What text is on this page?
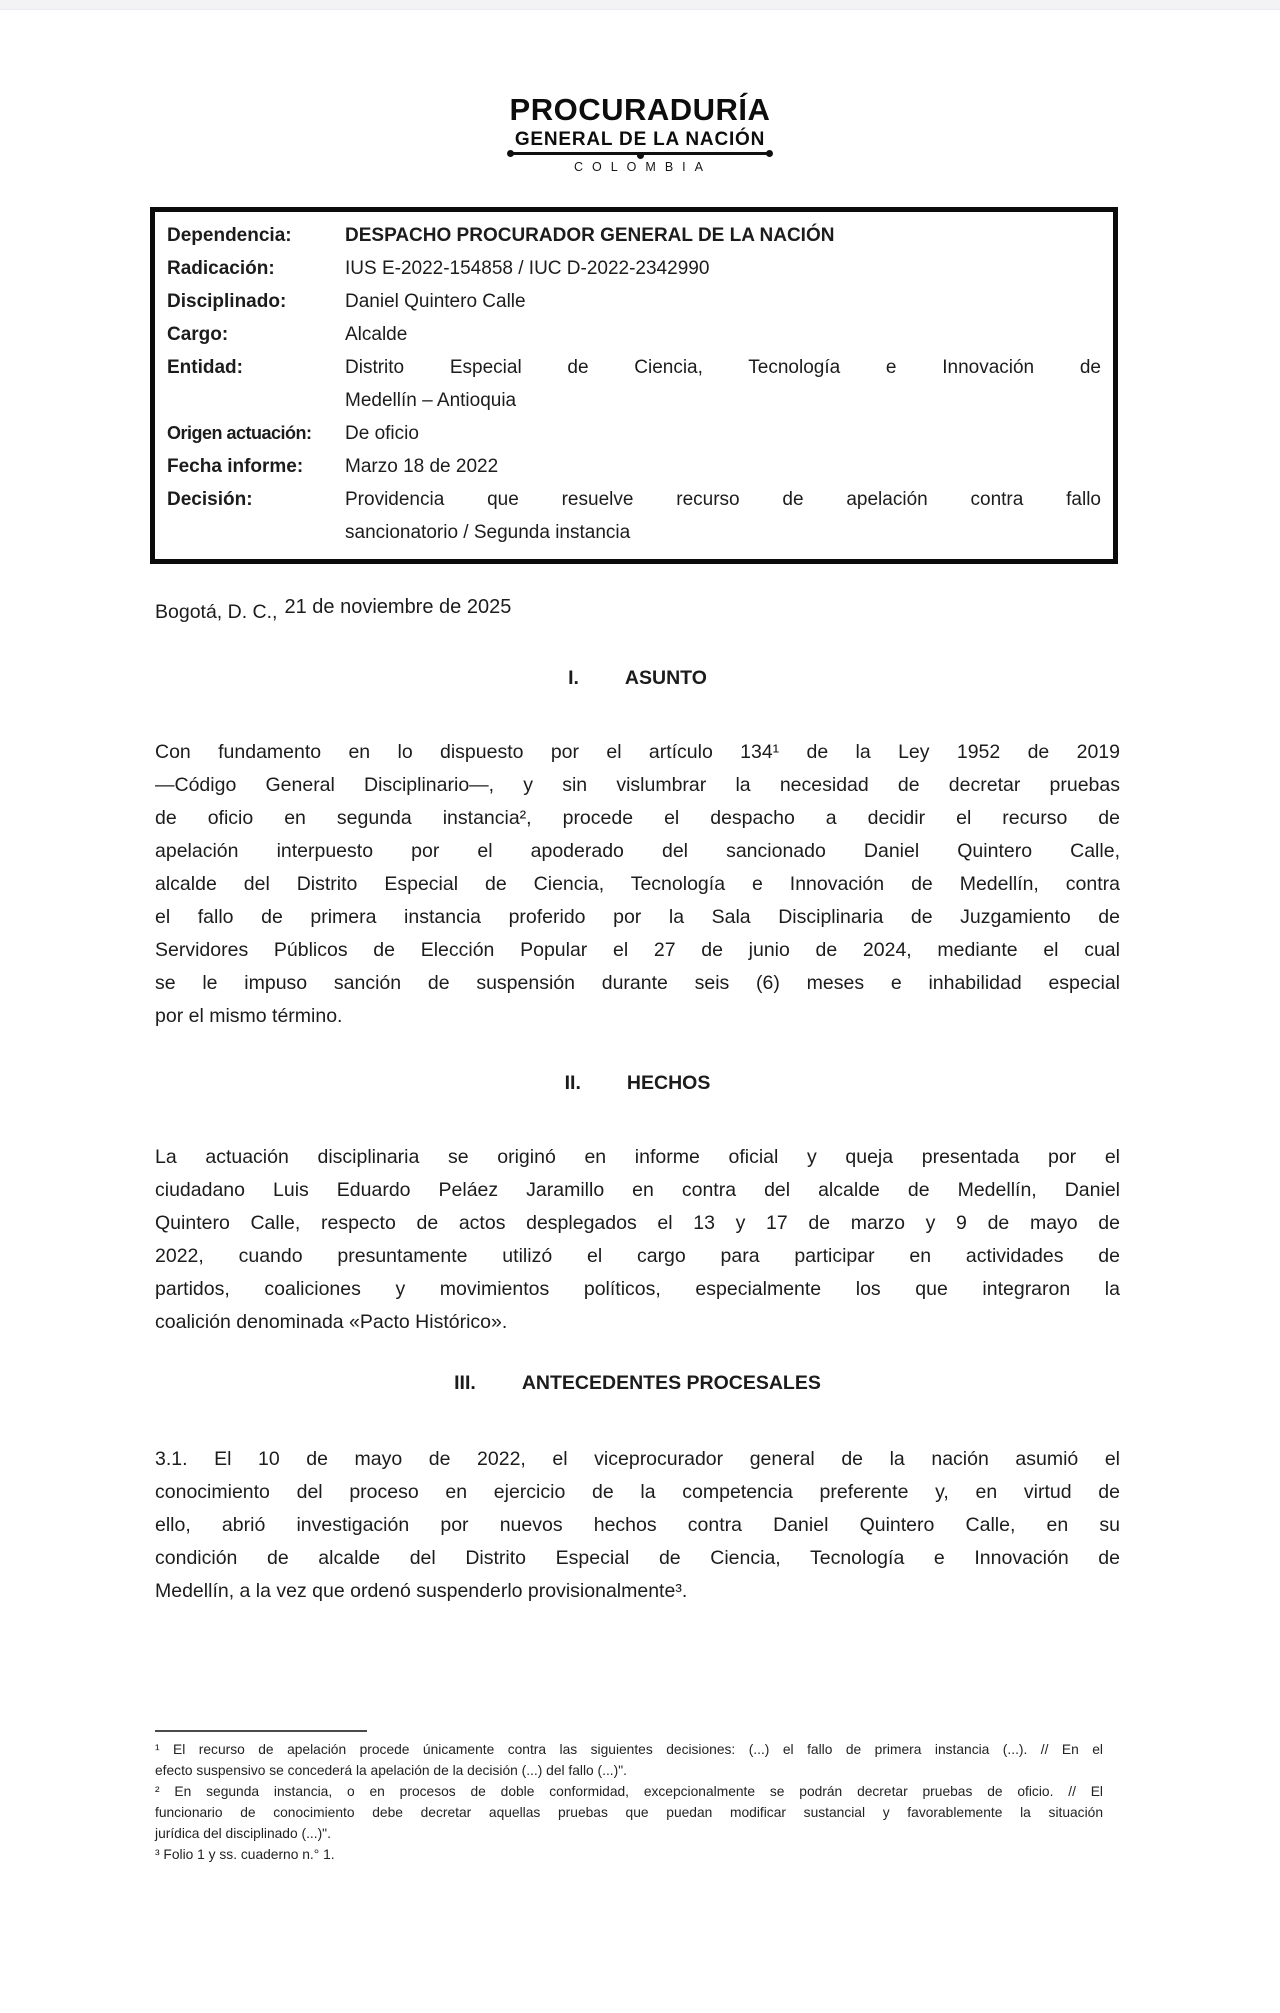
PROCURADURÍA
GENERAL DE LA NACIÓN
COLOMBIA
Dependencia:	DESPACHO PROCURADOR GENERAL DE LA NACIÓN
Radicación:	IUS E-2022-154858 / IUC D-2022-2342990
Disciplinado:	Daniel Quintero Calle
Cargo:	Alcalde
Entidad:	Distrito Especial de Ciencia, Tecnología e Innovación de
Medellín – Antioquia
Origen actuación:	De oficio
Fecha informe:	Marzo 18 de 2022
Decisión:	Providencia que resuelve recurso de apelación contra fallo
sancionatorio / Segunda instancia
Bogotá, D. C., 21 de noviembre de 2025
I. ASUNTO
Con fundamento en lo dispuesto por el artículo 134¹ de la Ley 1952 de 2019
—Código General Disciplinario—, y sin vislumbrar la necesidad de decretar pruebas
de oficio en segunda instancia², procede el despacho a decidir el recurso de
apelación interpuesto por el apoderado del sancionado Daniel Quintero Calle,
alcalde del Distrito Especial de Ciencia, Tecnología e Innovación de Medellín, contra
el fallo de primera instancia proferido por la Sala Disciplinaria de Juzgamiento de
Servidores Públicos de Elección Popular el 27 de junio de 2024, mediante el cual
se le impuso sanción de suspensión durante seis (6) meses e inhabilidad especial
por el mismo término.
II. HECHOS
La actuación disciplinaria se originó en informe oficial y queja presentada por el
ciudadano Luis Eduardo Peláez Jaramillo en contra del alcalde de Medellín, Daniel
Quintero Calle, respecto de actos desplegados el 13 y 17 de marzo y 9 de mayo de
2022, cuando presuntamente utilizó el cargo para participar en actividades de
partidos, coaliciones y movimientos políticos, especialmente los que integraron la
coalición denominada «Pacto Histórico».
III. ANTECEDENTES PROCESALES
3.1. El 10 de mayo de 2022, el viceprocurador general de la nación asumió el
conocimiento del proceso en ejercicio de la competencia preferente y, en virtud de
ello, abrió investigación por nuevos hechos contra Daniel Quintero Calle, en su
condición de alcalde del Distrito Especial de Ciencia, Tecnología e Innovación de
Medellín, a la vez que ordenó suspenderlo provisionalmente³.
¹ El recurso de apelación procede únicamente contra las siguientes decisiones: (...) el fallo de primera instancia (...). // En el
efecto suspensivo se concederá la apelación de la decisión (...) del fallo (...)".
² En segunda instancia, o en procesos de doble conformidad, excepcionalmente se podrán decretar pruebas de oficio. // El
funcionario de conocimiento debe decretar aquellas pruebas que puedan modificar sustancial y favorablemente la situación
jurídica del disciplinado (...)".
³ Folio 1 y ss. cuaderno n.° 1.
